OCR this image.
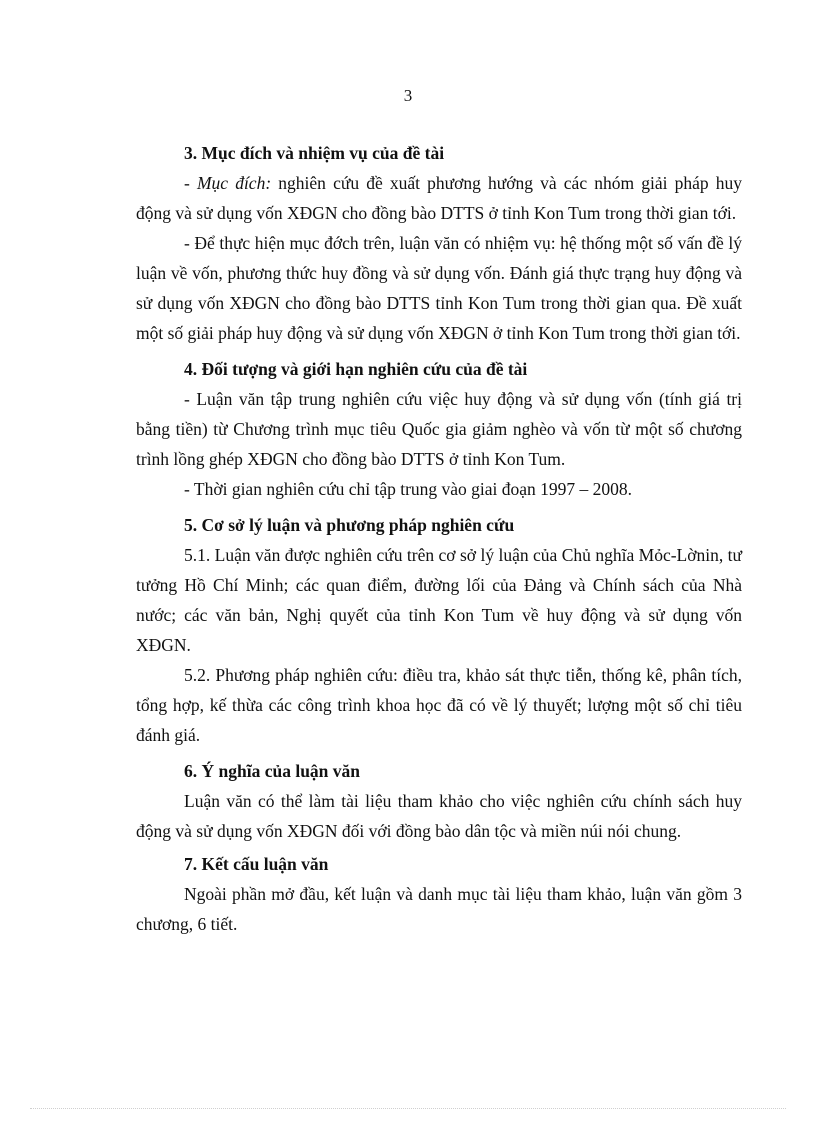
3

3. Mục đích và nhiệm vụ của đề tài

- Mục đích: nghiên cứu đề xuất phương hướng và các nhóm giải pháp huy động và sử dụng vốn XĐGN cho đồng bào DTTS ở tỉnh Kon Tum trong thời gian tới.

- Để thực hiện mục đớch trên, luận văn có nhiệm vụ: hệ thống một số vấn đề lý luận về vốn, phương thức huy đồng và sử dụng vốn. Đánh giá thực trạng huy động và sử dụng vốn XĐGN cho đồng bào DTTS tỉnh Kon Tum trong thời gian qua. Đề xuất một số giải pháp huy động và sử dụng vốn XĐGN ở tỉnh Kon Tum trong thời gian tới.

4. Đối tượng và giới hạn nghiên cứu của đề tài

- Luận văn tập trung nghiên cứu việc huy động và sử dụng vốn (tính giá trị bằng tiền) từ Chương trình mục tiêu Quốc gia giảm nghèo và vốn từ một số chương trình lồng ghép XĐGN cho đồng bào DTTS ở tỉnh Kon Tum.

- Thời gian nghiên cứu chỉ tập trung vào giai đoạn 1997 – 2008.

5. Cơ sở lý luận và phương pháp nghiên cứu

5.1. Luận văn được nghiên cứu trên cơ sở lý luận của Chủ nghĩa Mỏc-Lờnin, tư tưởng Hồ Chí Minh; các quan điểm, đường lối của Đảng và Chính sách của Nhà nước; các văn bản, Nghị quyết của tỉnh Kon Tum về huy động và sử dụng vốn XĐGN.

5.2. Phương pháp nghiên cứu: điều tra, khảo sát thực tiễn, thống kê, phân tích, tổng hợp, kế thừa các công trình khoa học đã có về lý thuyết; lượng một số chỉ tiêu đánh giá.

6. Ý nghĩa của luận văn

Luận văn có thể làm tài liệu tham khảo cho việc nghiên cứu chính sách huy động và sử dụng vốn XĐGN đối với đồng bào dân tộc và miền núi nói chung.

7. Kết cấu luận văn

Ngoài phần mở đầu, kết luận và danh mục tài liệu tham khảo, luận văn gồm 3 chương, 6 tiết.
